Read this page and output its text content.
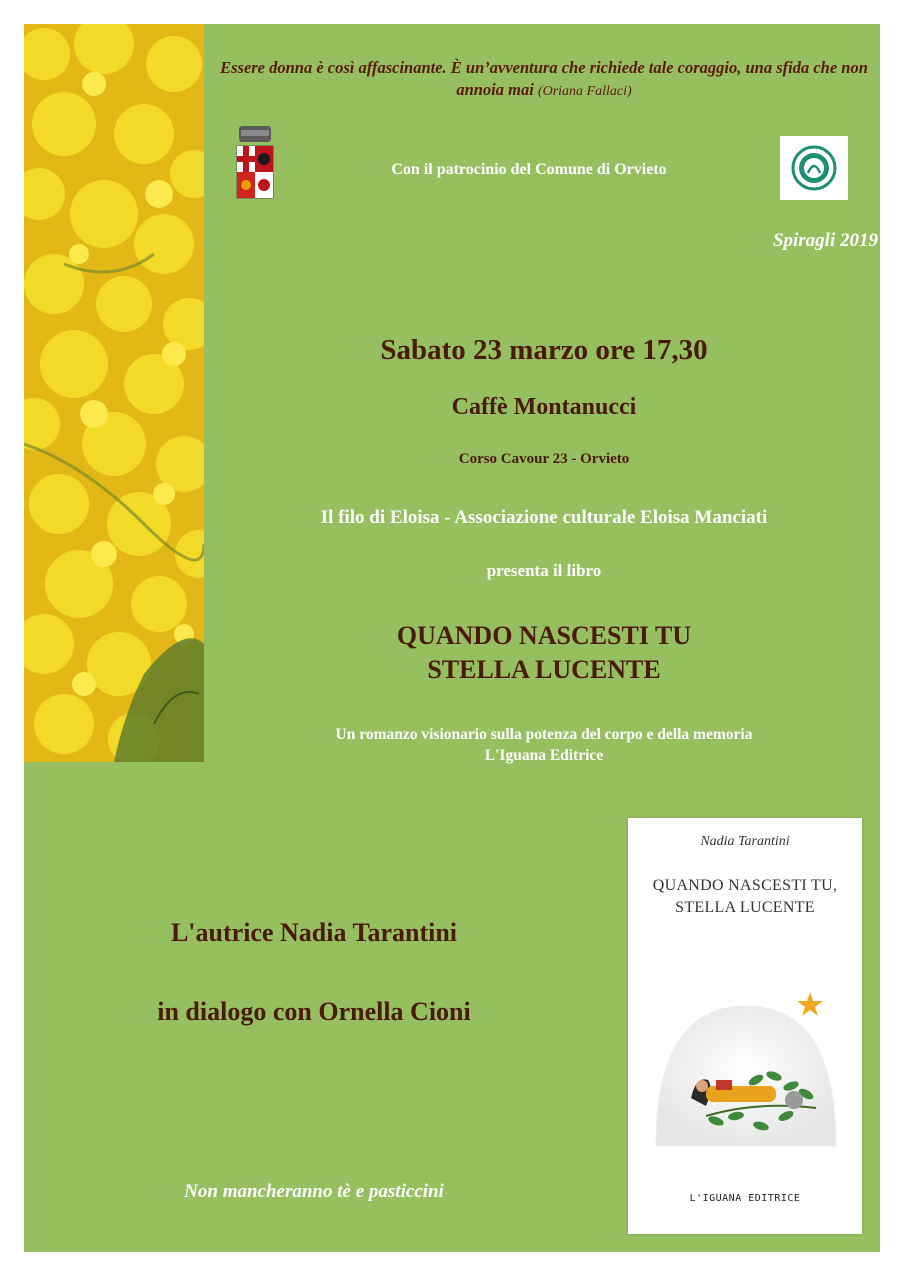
Essere donna è così affascinante. È un’avventura che richiede tale coraggio, una sfida che non annoia mai (Oriana Fallaci)
Con il patrocinio del Comune di Orvieto
Spiragli 2019
Sabato 23 marzo ore 17,30
Caffè Montanucci
Corso Cavour 23 - Orvieto
Il filo di Eloisa - Associazione culturale Eloisa Manciati
presenta il libro
QUANDO NASCESTI TU
STELLA LUCENTE
Un romanzo visionario sulla potenza del corpo e della memoria
L'Iguana Editrice
L'autrice Nadia Tarantini
in dialogo con Ornella Cioni
Non mancheranno tè e pasticcini
Nadia Tarantini
QUANDO NASCESTI TU,
STELLA LUCENTE
L'IGUANA EDITRICE
